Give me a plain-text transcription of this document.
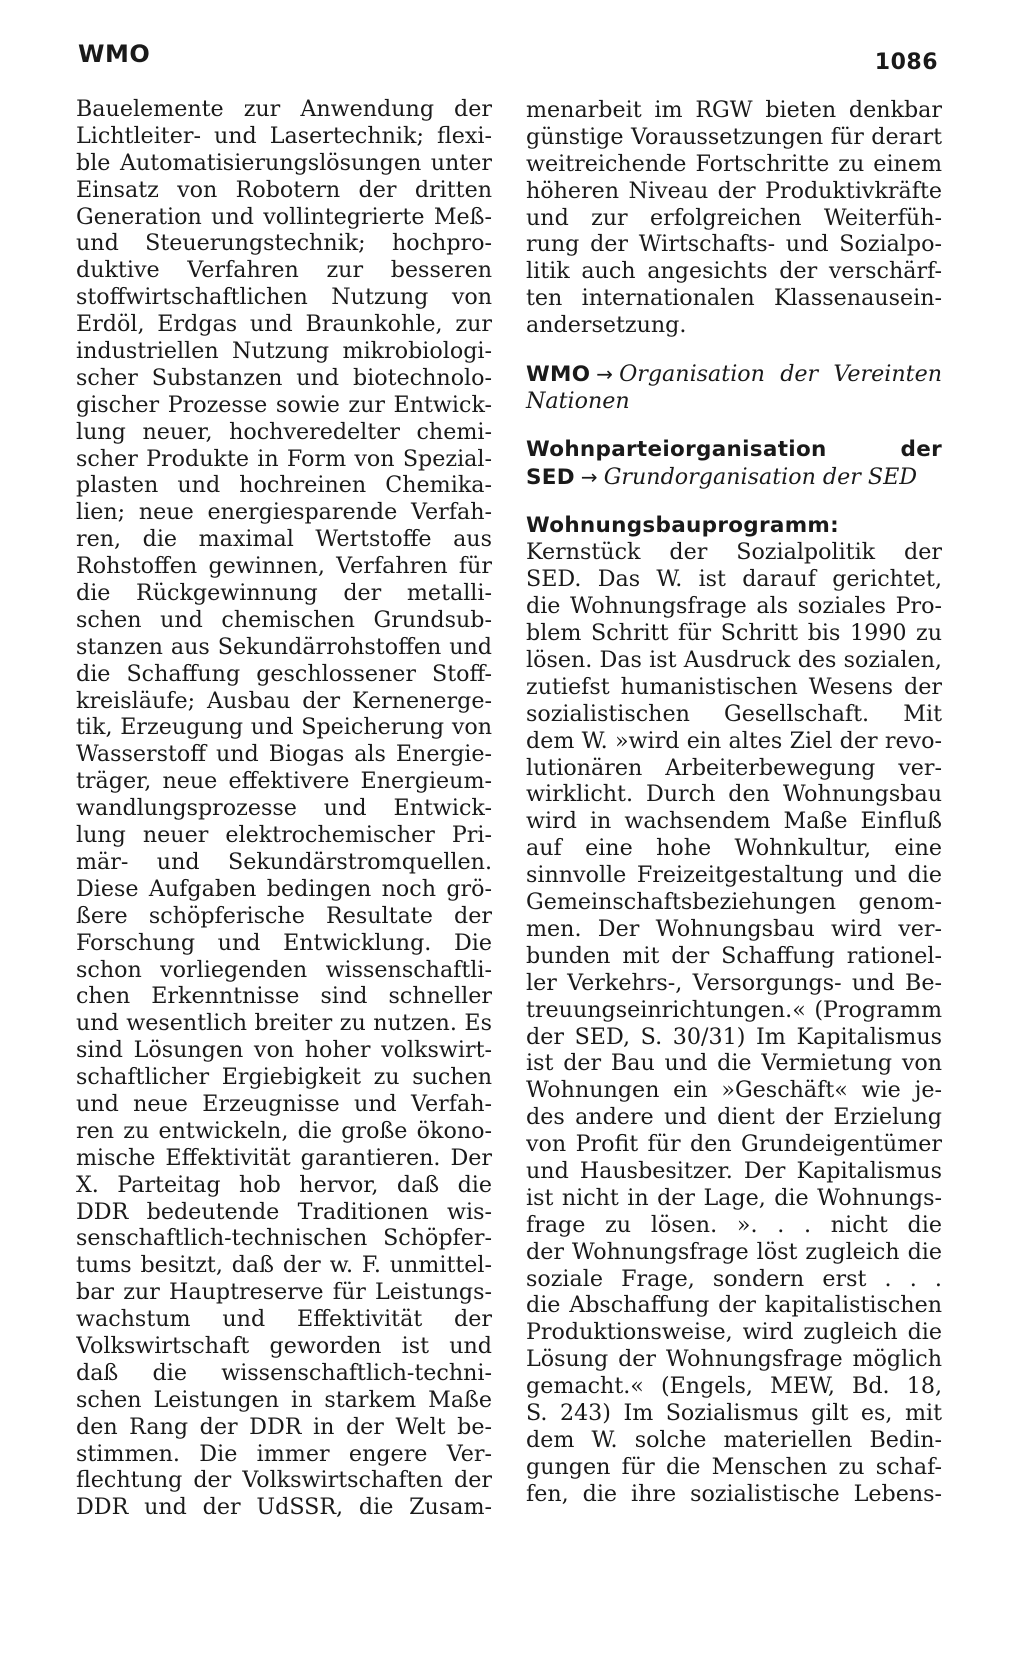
WMO	1086
Bauelemente zur Anwendung der
Lichtleiter- und Lasertechnik; flexi-
ble Automatisierungslösungen unter
Einsatz von Robotern der dritten
Generation und vollintegrierte Meß-
und Steuerungstechnik; hochpro-
duktive Verfahren zur besseren
stoffwirtschaftlichen Nutzung von
Erdöl, Erdgas und Braunkohle, zur
industriellen Nutzung mikrobiologi-
scher Substanzen und biotechnolo-
gischer Prozesse sowie zur Entwick-
lung neuer, hochveredelter chemi-
scher Produkte in Form von Spezial-
plasten und hochreinen Chemika-
lien; neue energiesparende Verfah-
ren, die maximal Wertstoffe aus
Rohstoffen gewinnen, Verfahren für
die Rückgewinnung der metalli-
schen und chemischen Grundsub-
stanzen aus Sekundärrohstoffen und
die Schaffung geschlossener Stoff-
kreisläufe; Ausbau der Kernenerge-
tik, Erzeugung und Speicherung von
Wasserstoff und Biogas als Energie-
träger, neue effektivere Energieum-
wandlungsprozesse und Entwick-
lung neuer elektrochemischer Pri-
mär- und Sekundärstromquellen.
Diese Aufgaben bedingen noch grö-
ßere schöpferische Resultate der
Forschung und Entwicklung. Die
schon vorliegenden wissenschaftli-
chen Erkenntnisse sind schneller
und wesentlich breiter zu nutzen. Es
sind Lösungen von hoher volkswirt-
schaftlicher Ergiebigkeit zu suchen
und neue Erzeugnisse und Verfah-
ren zu entwickeln, die große ökono-
mische Effektivität garantieren. Der
X. Parteitag hob hervor, daß die
DDR bedeutende Traditionen wis-
senschaftlich-technischen Schöpfer-
tums besitzt, daß der w. F. unmittel-
bar zur Hauptreserve für Leistungs-
wachstum und Effektivität der
Volkswirtschaft geworden ist und
daß die wissenschaftlich-techni-
schen Leistungen in starkem Maße
den Rang der DDR in der Welt be-
stimmen. Die immer engere Ver-
flechtung der Volkswirtschaften der
DDR und der UdSSR, die Zusam-
menarbeit im RGW bieten denkbar
günstige Voraussetzungen für derart
weitreichende Fortschritte zu einem
höheren Niveau der Produktivkräfte
und zur erfolgreichen Weiterfüh-
rung der Wirtschafts- und Sozialpo-
litik auch angesichts der verschärf-
ten internationalen Klassenausein-
andersetzung.
WMO → Organisation der Vereinten
Nationen
Wohnparteiorganisation der
SED → Grundorganisation der SED
Wohnungsbauprogramm:
Kernstück der Sozialpolitik der
SED. Das W. ist darauf gerichtet,
die Wohnungsfrage als soziales Pro-
blem Schritt für Schritt bis 1990 zu
lösen. Das ist Ausdruck des sozialen,
zutiefst humanistischen Wesens der
sozialistischen Gesellschaft. Mit
dem W. »wird ein altes Ziel der revo-
lutionären Arbeiterbewegung ver-
wirklicht. Durch den Wohnungsbau
wird in wachsendem Maße Einfluß
auf eine hohe Wohnkultur, eine
sinnvolle Freizeitgestaltung und die
Gemeinschaftsbeziehungen genom-
men. Der Wohnungsbau wird ver-
bunden mit der Schaffung rationel-
ler Verkehrs-, Versorgungs- und Be-
treuungseinrichtungen.« (Programm
der SED, S. 30/31) Im Kapitalismus
ist der Bau und die Vermietung von
Wohnungen ein »Geschäft« wie je-
des andere und dient der Erzielung
von Profit für den Grundeigentümer
und Hausbesitzer. Der Kapitalismus
ist nicht in der Lage, die Wohnungs-
frage zu lösen. ». . . nicht die
der Wohnungsfrage löst zugleich die
soziale Frage, sondern erst . . .
die Abschaffung der kapitalistischen
Produktionsweise, wird zugleich die
Lösung der Wohnungsfrage möglich
gemacht.« (Engels, MEW, Bd. 18,
S. 243) Im Sozialismus gilt es, mit
dem W. solche materiellen Bedin-
gungen für die Menschen zu schaf-
fen, die ihre sozialistische Lebens-
